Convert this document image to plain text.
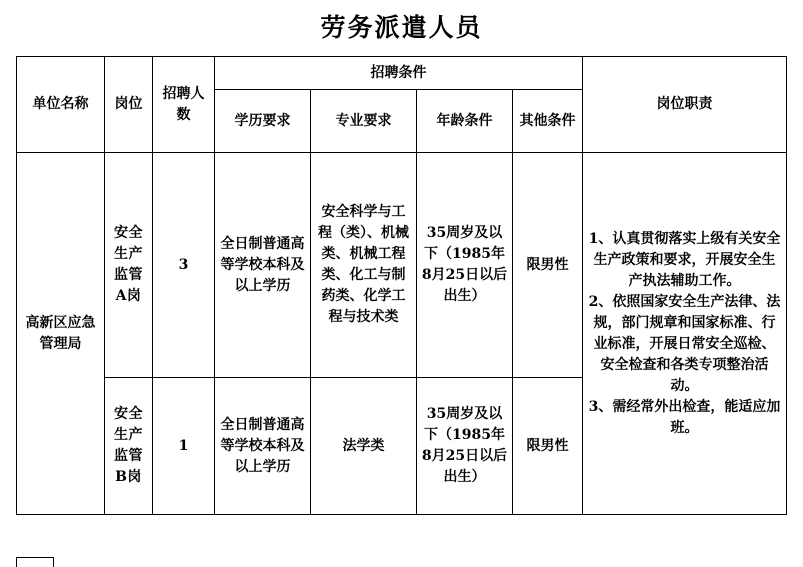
劳务派遣人员
单位名称	岗位	招聘人数	招聘条件				岗位职责
			学历要求	专业要求	年龄条件	其他条件	
高新区应急管理局	安全生产监管A岗	3	全日制普通高等学校本科及以上学历	安全科学与工程（类）、机械类、机械工程类、化工与制药类、化学工程与技术类	35周岁及以下（1985年8月25日以后出生）	限男性	1、认真贯彻落实上级有关安全生产政策和要求，开展安全生产执法辅助工作。

2、依照国家安全生产法律、法规，部门规章和国家标准、行业标准，开展日常安全巡检、安全检查和各类专项整治活动。

3、需经常外出检查，能适应加班。

	安全生产监管B岗	1	全日制普通高等学校本科及以上学历	法学类	35周岁及以下（1985年8月25日以后出生）	限男性	
